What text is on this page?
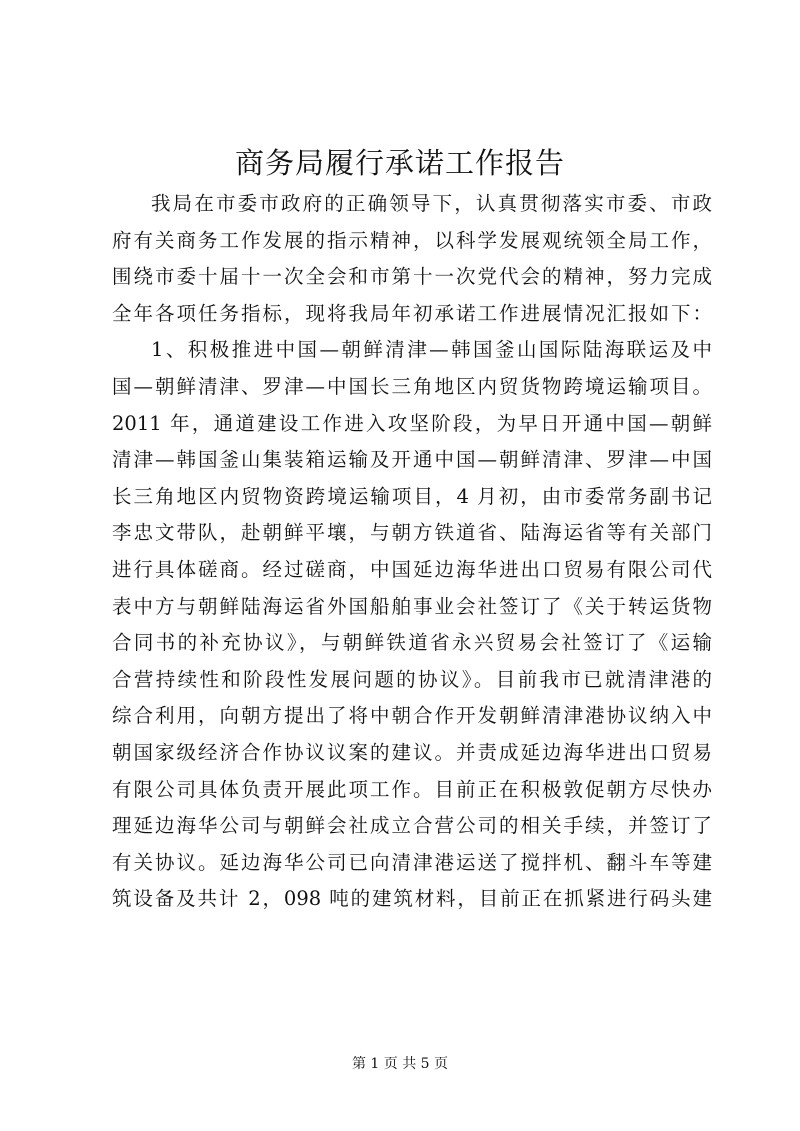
商务局履行承诺工作报告
我局在市委市政府的正确领导下，认真贯彻落实市委、市政
府有关商务工作发展的指示精神，以科学发展观统领全局工作，
围绕市委十届十一次全会和市第十一次党代会的精神，努力完成
全年各项任务指标，现将我局年初承诺工作进展情况汇报如下：
1、积极推进中国—朝鲜清津—韩国釜山国际陆海联运及中
国—朝鲜清津、罗津—中国长三角地区内贸货物跨境运输项目。
2011 年，通道建设工作进入攻坚阶段，为早日开通中国—朝鲜
清津—韩国釜山集装箱运输及开通中国—朝鲜清津、罗津—中国
长三角地区内贸物资跨境运输项目，4 月初，由市委常务副书记
李忠文带队，赴朝鲜平壤，与朝方铁道省、陆海运省等有关部门
进行具体磋商。经过磋商，中国延边海华进出口贸易有限公司代
表中方与朝鲜陆海运省外国船舶事业会社签订了《关于转运货物
合同书的补充协议》，与朝鲜铁道省永兴贸易会社签订了《运输
合营持续性和阶段性发展问题的协议》。目前我市已就清津港的
综合利用，向朝方提出了将中朝合作开发朝鲜清津港协议纳入中
朝国家级经济合作协议议案的建议。并责成延边海华进出口贸易
有限公司具体负责开展此项工作。目前正在积极敦促朝方尽快办
理延边海华公司与朝鲜会社成立合营公司的相关手续，并签订了
有关协议。延边海华公司已向清津港运送了搅拌机、翻斗车等建
筑设备及共计 2，098 吨的建筑材料，目前正在抓紧进行码头建
第 1 页 共 5 页
